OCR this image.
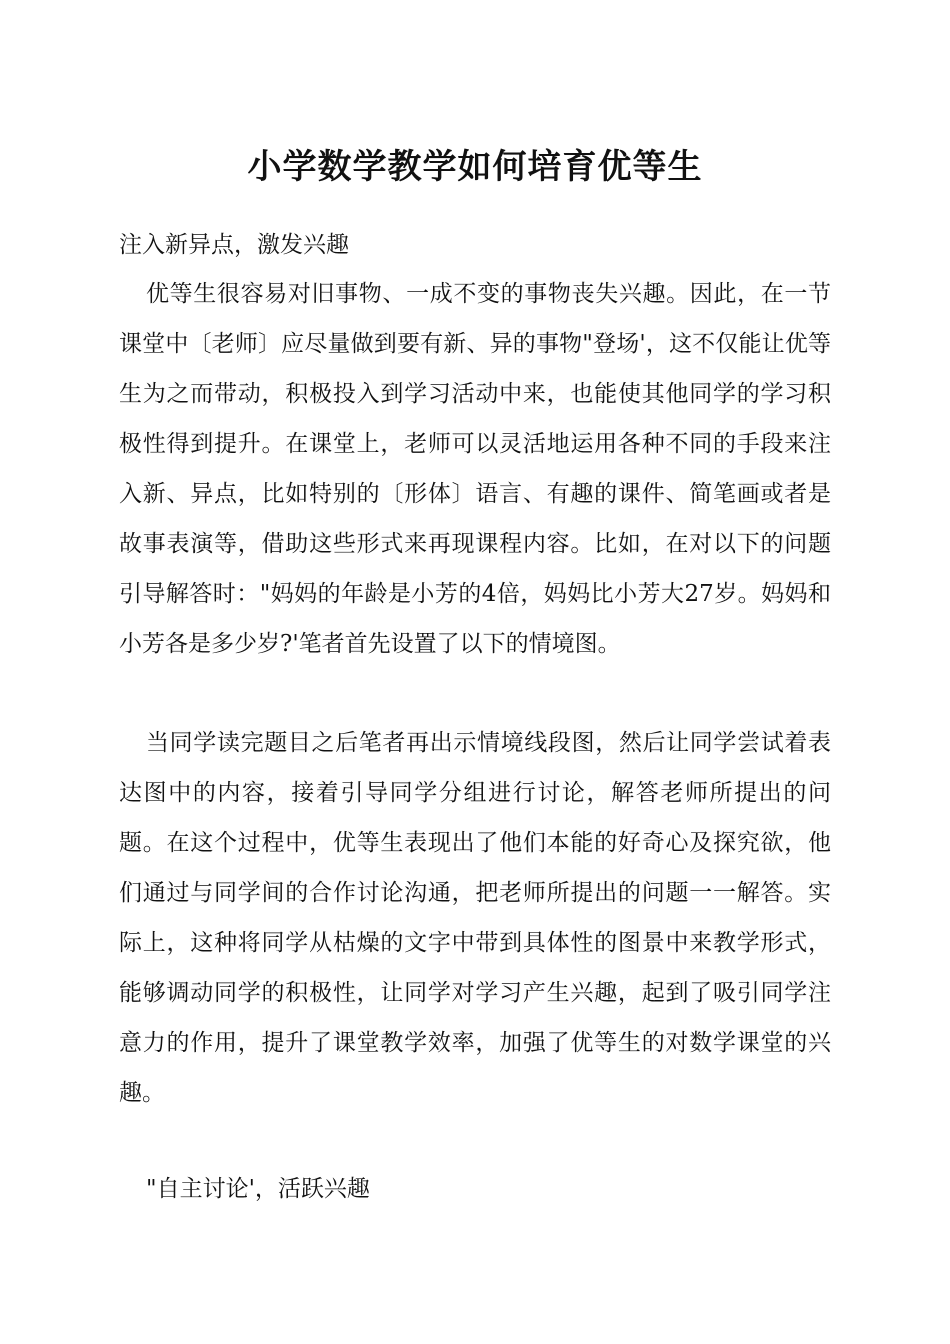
小学数学教学如何培育优等生

注入新异点，激发兴趣

优等生很容易对旧事物、一成不变的事物丧失兴趣。因此，在一节课堂中〔老师〕应尽量做到要有新、异的事物"登场'，这不仅能让优等生为之而带动，积极投入到学习活动中来，也能使其他同学的学习积极性得到提升。在课堂上，老师可以灵活地运用各种不同的手段来注入新、异点，比如特别的〔形体〕语言、有趣的课件、简笔画或者是故事表演等，借助这些形式来再现课程内容。比如，在对以下的问题引导解答时："妈妈的年龄是小芳的4倍，妈妈比小芳大27岁。妈妈和小芳各是多少岁?'笔者首先设置了以下的情境图。

当同学读完题目之后笔者再出示情境线段图，然后让同学尝试着表达图中的内容，接着引导同学分组进行讨论，解答老师所提出的问题。在这个过程中，优等生表现出了他们本能的好奇心及探究欲，他们通过与同学间的合作讨论沟通，把老师所提出的问题一一解答。实际上，这种将同学从枯燥的文字中带到具体性的图景中来教学形式，能够调动同学的积极性，让同学对学习产生兴趣，起到了吸引同学注意力的作用，提升了课堂教学效率，加强了优等生的对数学课堂的兴趣。

"自主讨论'，活跃兴趣
